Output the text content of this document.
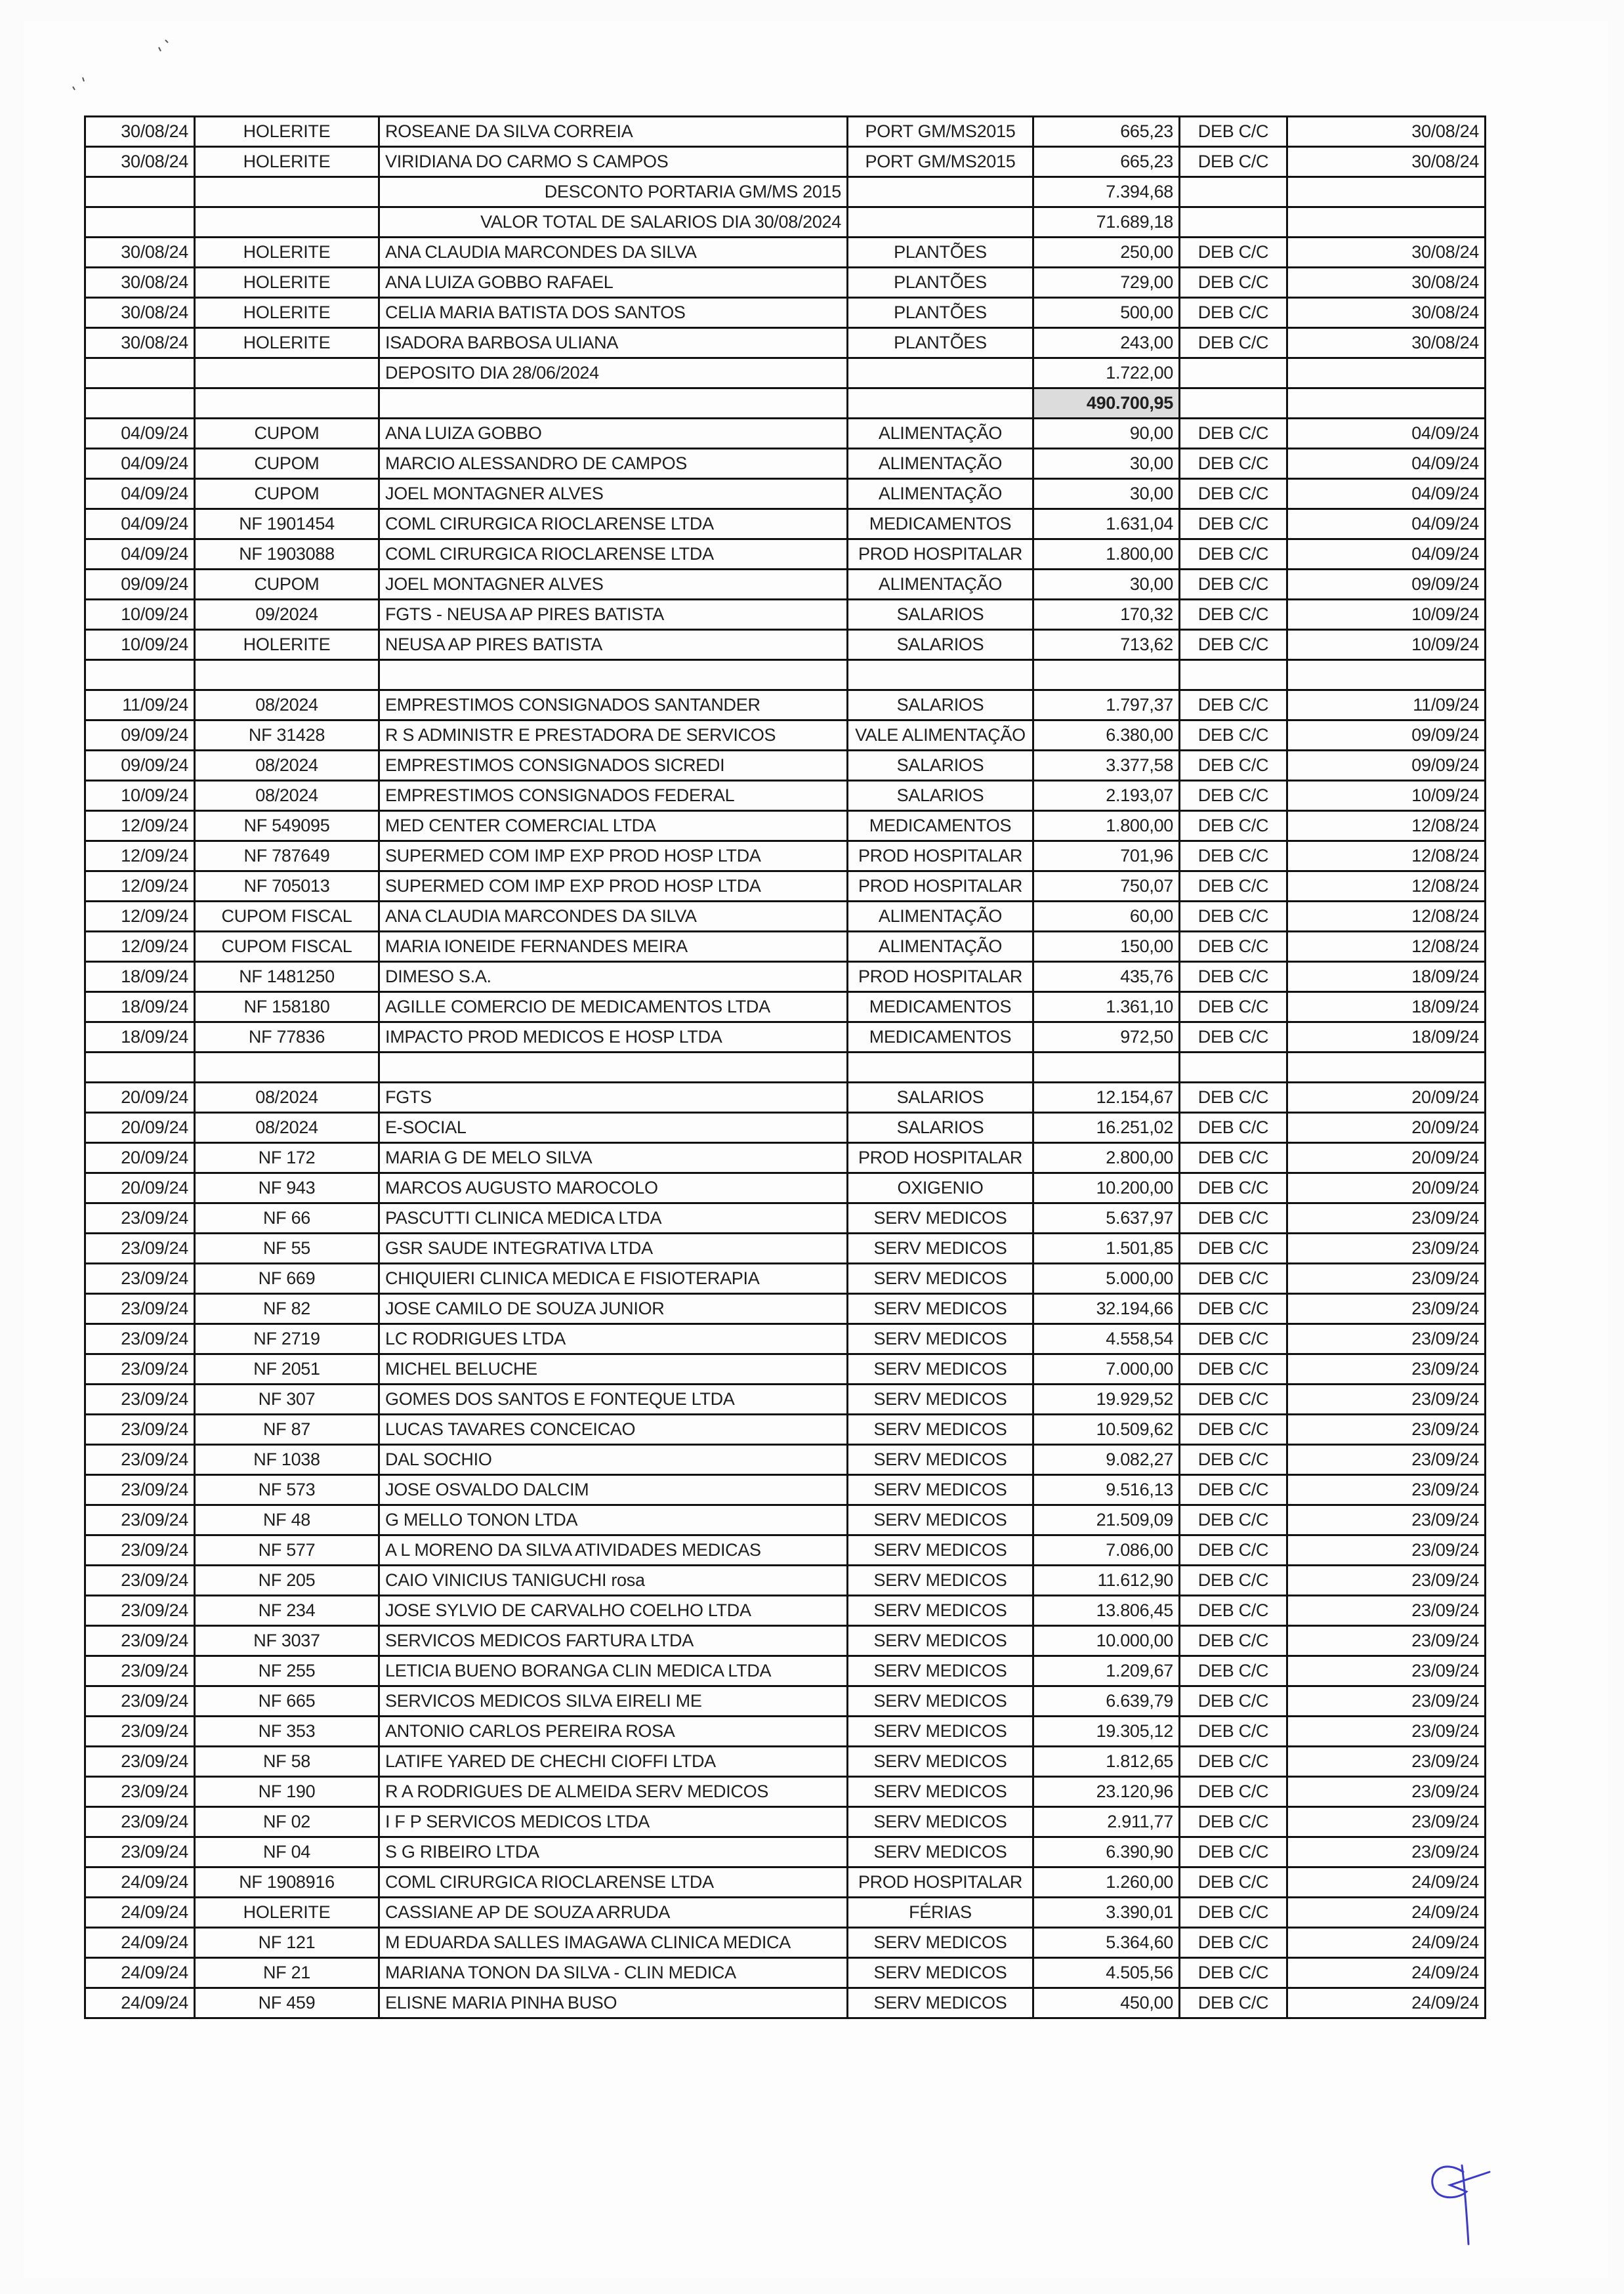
30/08/24	HOLERITE	ROSEANE DA SILVA CORREIA	PORT GM/MS2015	665,23	DEB C/C	30/08/24
30/08/24	HOLERITE	VIRIDIANA DO CARMO S CAMPOS	PORT GM/MS2015	665,23	DEB C/C	30/08/24
		DESCONTO PORTARIA GM/MS 2015		7.394,68		
		VALOR TOTAL DE SALARIOS DIA 30/08/2024		71.689,18		
30/08/24	HOLERITE	ANA CLAUDIA MARCONDES DA SILVA	PLANTÕES	250,00	DEB C/C	30/08/24
30/08/24	HOLERITE	ANA LUIZA GOBBO RAFAEL	PLANTÕES	729,00	DEB C/C	30/08/24
30/08/24	HOLERITE	CELIA MARIA BATISTA DOS SANTOS	PLANTÕES	500,00	DEB C/C	30/08/24
30/08/24	HOLERITE	ISADORA BARBOSA ULIANA	PLANTÕES	243,00	DEB C/C	30/08/24
		DEPOSITO DIA 28/06/2024		1.722,00		
				490.700,95		
04/09/24	CUPOM	ANA LUIZA GOBBO	ALIMENTAÇÃO	90,00	DEB C/C	04/09/24
04/09/24	CUPOM	MARCIO ALESSANDRO DE CAMPOS	ALIMENTAÇÃO	30,00	DEB C/C	04/09/24
04/09/24	CUPOM	JOEL MONTAGNER ALVES	ALIMENTAÇÃO	30,00	DEB C/C	04/09/24
04/09/24	NF 1901454	COML CIRURGICA RIOCLARENSE LTDA	MEDICAMENTOS	1.631,04	DEB C/C	04/09/24
04/09/24	NF 1903088	COML CIRURGICA RIOCLARENSE LTDA	PROD HOSPITALAR	1.800,00	DEB C/C	04/09/24
09/09/24	CUPOM	JOEL MONTAGNER ALVES	ALIMENTAÇÃO	30,00	DEB C/C	09/09/24
10/09/24	09/2024	FGTS - NEUSA AP PIRES BATISTA	SALARIOS	170,32	DEB C/C	10/09/24
10/09/24	HOLERITE	NEUSA AP PIRES BATISTA	SALARIOS	713,62	DEB C/C	10/09/24

11/09/24	08/2024	EMPRESTIMOS CONSIGNADOS SANTANDER	SALARIOS	1.797,37	DEB C/C	11/09/24
09/09/24	NF 31428	R S ADMINISTR E PRESTADORA DE SERVICOS	VALE ALIMENTAÇÃO	6.380,00	DEB C/C	09/09/24
09/09/24	08/2024	EMPRESTIMOS CONSIGNADOS SICREDI	SALARIOS	3.377,58	DEB C/C	09/09/24
10/09/24	08/2024	EMPRESTIMOS CONSIGNADOS FEDERAL	SALARIOS	2.193,07	DEB C/C	10/09/24
12/09/24	NF 549095	MED CENTER COMERCIAL LTDA	MEDICAMENTOS	1.800,00	DEB C/C	12/08/24
12/09/24	NF 787649	SUPERMED COM IMP EXP PROD HOSP LTDA	PROD HOSPITALAR	701,96	DEB C/C	12/08/24
12/09/24	NF 705013	SUPERMED COM IMP EXP PROD HOSP LTDA	PROD HOSPITALAR	750,07	DEB C/C	12/08/24
12/09/24	CUPOM FISCAL	ANA CLAUDIA MARCONDES DA SILVA	ALIMENTAÇÃO	60,00	DEB C/C	12/08/24
12/09/24	CUPOM FISCAL	MARIA IONEIDE FERNANDES MEIRA	ALIMENTAÇÃO	150,00	DEB C/C	12/08/24
18/09/24	NF 1481250	DIMESO S.A.	PROD HOSPITALAR	435,76	DEB C/C	18/09/24
18/09/24	NF 158180	AGILLE COMERCIO DE MEDICAMENTOS LTDA	MEDICAMENTOS	1.361,10	DEB C/C	18/09/24
18/09/24	NF 77836	IMPACTO PROD MEDICOS E HOSP LTDA	MEDICAMENTOS	972,50	DEB C/C	18/09/24

20/09/24	08/2024	FGTS	SALARIOS	12.154,67	DEB C/C	20/09/24
20/09/24	08/2024	E-SOCIAL	SALARIOS	16.251,02	DEB C/C	20/09/24
20/09/24	NF 172	MARIA G DE MELO SILVA	PROD HOSPITALAR	2.800,00	DEB C/C	20/09/24
20/09/24	NF 943	MARCOS AUGUSTO MAROCOLO	OXIGENIO	10.200,00	DEB C/C	20/09/24
23/09/24	NF 66	PASCUTTI CLINICA MEDICA LTDA	SERV MEDICOS	5.637,97	DEB C/C	23/09/24
23/09/24	NF 55	GSR SAUDE INTEGRATIVA LTDA	SERV MEDICOS	1.501,85	DEB C/C	23/09/24
23/09/24	NF 669	CHIQUIERI CLINICA MEDICA E FISIOTERAPIA	SERV MEDICOS	5.000,00	DEB C/C	23/09/24
23/09/24	NF 82	JOSE CAMILO DE SOUZA JUNIOR	SERV MEDICOS	32.194,66	DEB C/C	23/09/24
23/09/24	NF 2719	LC RODRIGUES LTDA	SERV MEDICOS	4.558,54	DEB C/C	23/09/24
23/09/24	NF 2051	MICHEL BELUCHE	SERV MEDICOS	7.000,00	DEB C/C	23/09/24
23/09/24	NF 307	GOMES DOS SANTOS E FONTEQUE LTDA	SERV MEDICOS	19.929,52	DEB C/C	23/09/24
23/09/24	NF 87	LUCAS TAVARES CONCEICAO	SERV MEDICOS	10.509,62	DEB C/C	23/09/24
23/09/24	NF 1038	DAL SOCHIO	SERV MEDICOS	9.082,27	DEB C/C	23/09/24
23/09/24	NF 573	JOSE OSVALDO DALCIM	SERV MEDICOS	9.516,13	DEB C/C	23/09/24
23/09/24	NF 48	G MELLO TONON LTDA	SERV MEDICOS	21.509,09	DEB C/C	23/09/24
23/09/24	NF 577	A L MORENO DA SILVA ATIVIDADES MEDICAS	SERV MEDICOS	7.086,00	DEB C/C	23/09/24
23/09/24	NF 205	CAIO VINICIUS TANIGUCHI rosa	SERV MEDICOS	11.612,90	DEB C/C	23/09/24
23/09/24	NF 234	JOSE SYLVIO DE CARVALHO COELHO LTDA	SERV MEDICOS	13.806,45	DEB C/C	23/09/24
23/09/24	NF 3037	SERVICOS MEDICOS FARTURA LTDA	SERV MEDICOS	10.000,00	DEB C/C	23/09/24
23/09/24	NF 255	LETICIA BUENO BORANGA CLIN MEDICA LTDA	SERV MEDICOS	1.209,67	DEB C/C	23/09/24
23/09/24	NF 665	SERVICOS MEDICOS SILVA EIRELI ME	SERV MEDICOS	6.639,79	DEB C/C	23/09/24
23/09/24	NF 353	ANTONIO CARLOS PEREIRA ROSA	SERV MEDICOS	19.305,12	DEB C/C	23/09/24
23/09/24	NF 58	LATIFE YARED DE CHECHI CIOFFI LTDA	SERV MEDICOS	1.812,65	DEB C/C	23/09/24
23/09/24	NF 190	R A RODRIGUES DE ALMEIDA SERV MEDICOS	SERV MEDICOS	23.120,96	DEB C/C	23/09/24
23/09/24	NF 02	I F P SERVICOS MEDICOS LTDA	SERV MEDICOS	2.911,77	DEB C/C	23/09/24
23/09/24	NF 04	S G RIBEIRO LTDA	SERV MEDICOS	6.390,90	DEB C/C	23/09/24
24/09/24	NF 1908916	COML CIRURGICA RIOCLARENSE LTDA	PROD HOSPITALAR	1.260,00	DEB C/C	24/09/24
24/09/24	HOLERITE	CASSIANE AP DE SOUZA ARRUDA	FÉRIAS	3.390,01	DEB C/C	24/09/24
24/09/24	NF 121	M EDUARDA SALLES IMAGAWA CLINICA MEDICA	SERV MEDICOS	5.364,60	DEB C/C	24/09/24
24/09/24	NF 21	MARIANA TONON DA SILVA - CLIN MEDICA	SERV MEDICOS	4.505,56	DEB C/C	24/09/24
24/09/24	NF 459	ELISNE MARIA PINHA BUSO	SERV MEDICOS	450,00	DEB C/C	24/09/24
